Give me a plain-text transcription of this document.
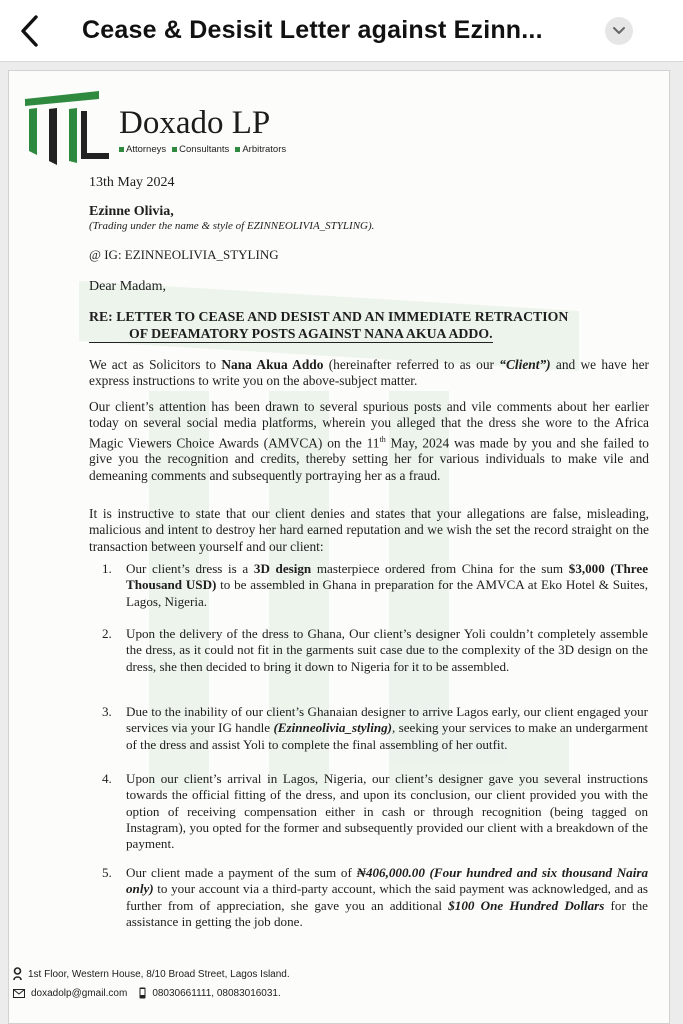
Cease & Desisit Letter against Ezinn...
Doxado LP
Attorneys	Consultants	Arbitrators
13th May 2024
Ezinne Olivia,
(Trading under the name & style of EZINNEOLIVIA_STYLING).
@ IG: EZINNEOLIVIA_STYLING
Dear Madam,
RE: LETTER TO CEASE AND DESIST AND AN IMMEDIATE RETRACTION
OF DEFAMATORY POSTS AGAINST NANA AKUA ADDO.
We act as Solicitors to Nana Akua Addo (hereinafter referred to as our “Client”) and we have her express instructions to write you on the above-subject matter.
Our client’s attention has been drawn to several spurious posts and vile comments about her earlier today on several social media platforms, wherein you alleged that the dress she wore to the Africa Magic Viewers Choice Awards (AMVCA) on the 11th May, 2024 was made by you and she failed to give you the recognition and credits, thereby setting her for various individuals to make vile and demeaning comments and subsequently portraying her as a fraud.
It is instructive to state that our client denies and states that your allegations are false, misleading, malicious and intent to destroy her hard earned reputation and we wish the set the record straight on the transaction between yourself and our client:
1. Our client’s dress is a 3D design masterpiece ordered from China for the sum $3,000 (Three Thousand USD) to be assembled in Ghana in preparation for the AMVCA at Eko Hotel & Suites, Lagos, Nigeria.
2. Upon the delivery of the dress to Ghana, Our client’s designer Yoli couldn’t completely assemble the dress, as it could not fit in the garments suit case due to the complexity of the 3D design on the dress, she then decided to bring it down to Nigeria for it to be assembled.
3. Due to the inability of our client’s Ghanaian designer to arrive Lagos early, our client engaged your services via your IG handle (Ezinneolivia_styling), seeking your services to make an undergarment of the dress and assist Yoli to complete the final assembling of her outfit.
4. Upon our client’s arrival in Lagos, Nigeria, our client’s designer gave you several instructions towards the official fitting of the dress, and upon its conclusion, our client provided you with the option of receiving compensation either in cash or through recognition (being tagged on Instagram), you opted for the former and subsequently provided our client with a breakdown of the payment.
5. Our client made a payment of the sum of ₦406,000.00 (Four hundred and six thousand Naira only) to your account via a third-party account, which the said payment was acknowledged, and as further from of appreciation, she gave you an additional $100 One Hundred Dollars for the assistance in getting the job done.
1st Floor, Western House, 8/10 Broad Street, Lagos Island.
doxadolp@gmail.com	08030661111, 08083016031.
